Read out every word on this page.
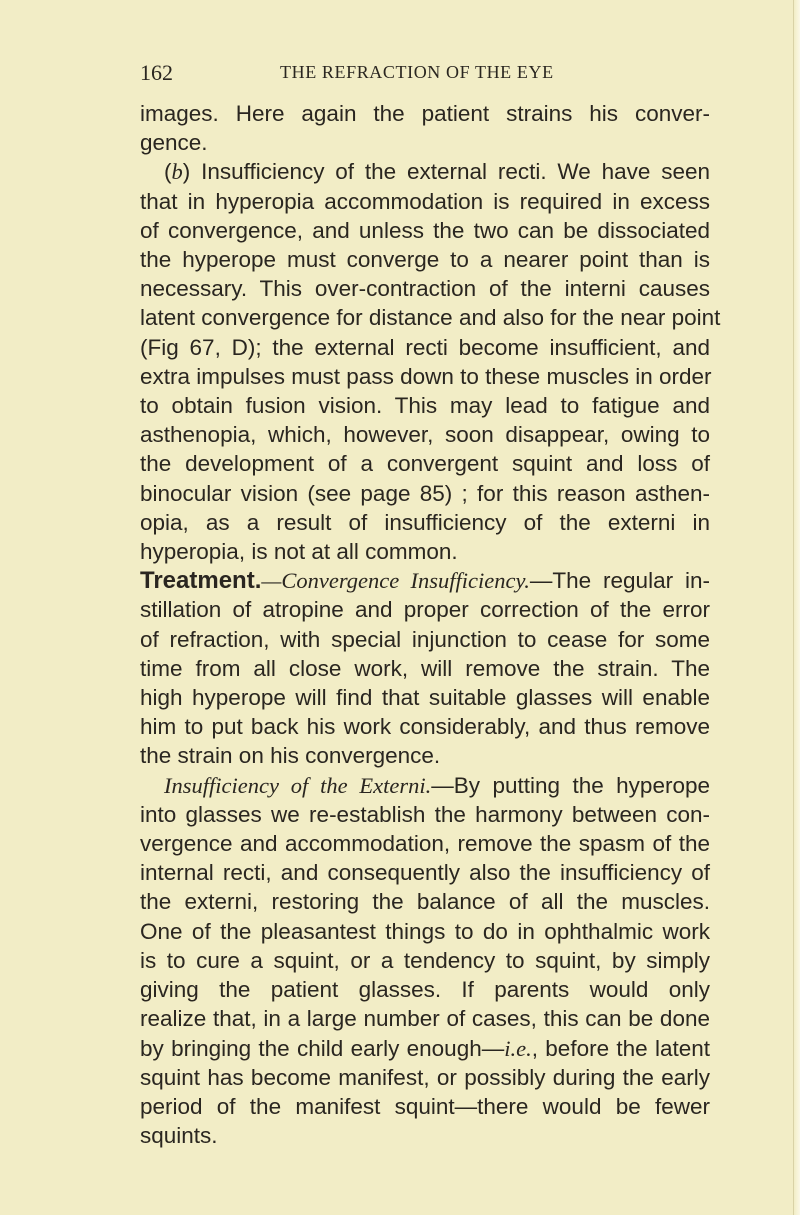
162	THE REFRACTION OF THE EYE
images. Here again the patient strains his conver-
gence.
(b) Insufficiency of the external recti. We have seen
that in hyperopia accommodation is required in excess
of convergence, and unless the two can be dissociated
the hyperope must converge to a nearer point than is
necessary. This over-contraction of the interni causes
latent convergence for distance and also for the near point
(Fig 67, D); the external recti become insufficient, and
extra impulses must pass down to these muscles in order
to obtain fusion vision. This may lead to fatigue and
asthenopia, which, however, soon disappear, owing to
the development of a convergent squint and loss of
binocular vision (see page 85) ; for this reason asthen-
opia, as a result of insufficiency of the externi in
hyperopia, is not at all common.
Treatment.—Convergence Insufficiency.—The regular in-
stillation of atropine and proper correction of the error
of refraction, with special injunction to cease for some
time from all close work, will remove the strain. The
high hyperope will find that suitable glasses will enable
him to put back his work considerably, and thus remove
the strain on his convergence.
Insufficiency of the Externi.—By putting the hyperope
into glasses we re-establish the harmony between con-
vergence and accommodation, remove the spasm of the
internal recti, and consequently also the insufficiency of
the externi, restoring the balance of all the muscles.
One of the pleasantest things to do in ophthalmic work
is to cure a squint, or a tendency to squint, by simply
giving the patient glasses. If parents would only
realize that, in a large number of cases, this can be done
by bringing the child early enough—i.e., before the latent
squint has become manifest, or possibly during the early
period of the manifest squint—there would be fewer
squints.
